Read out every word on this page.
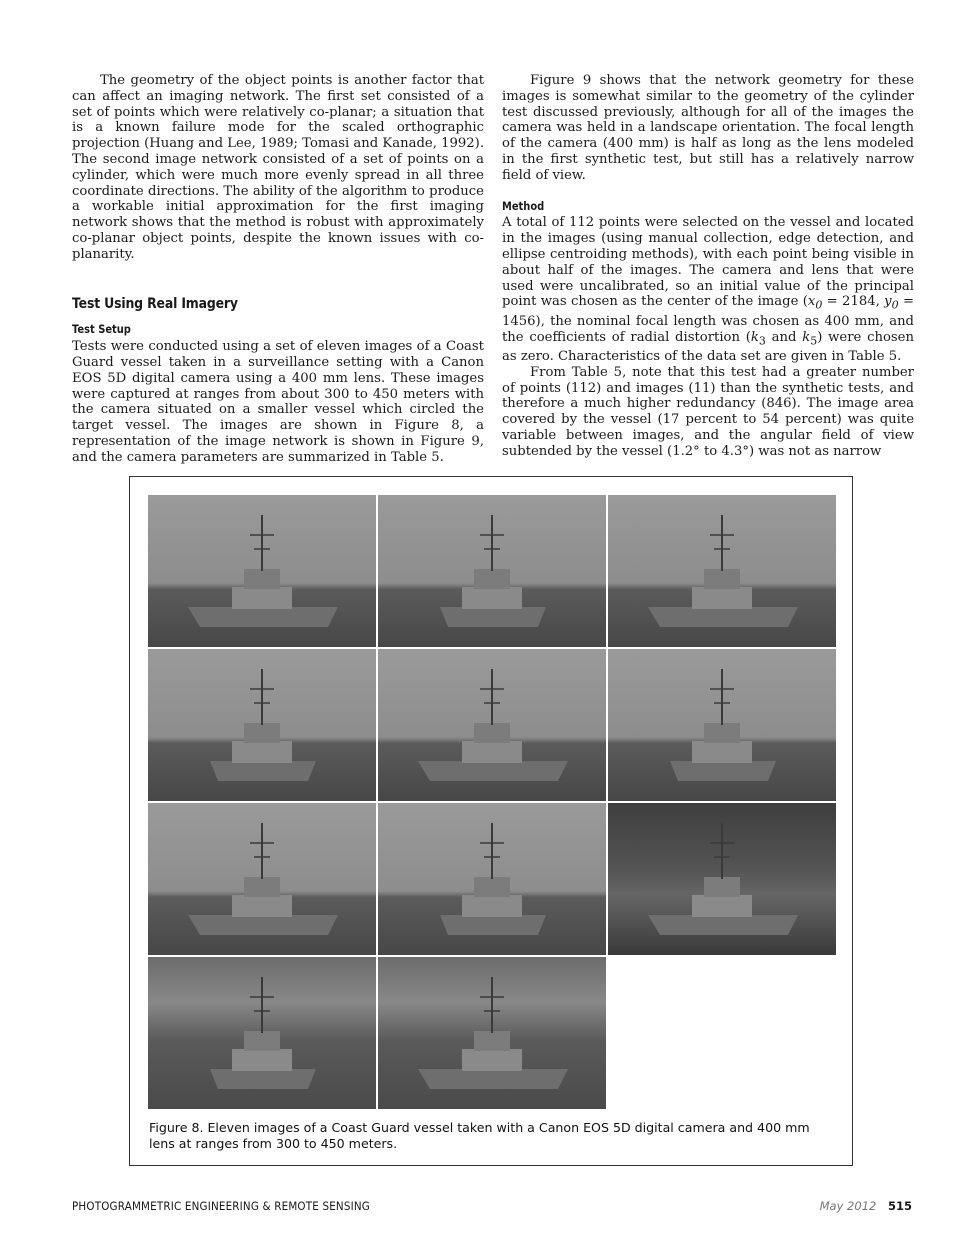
The geometry of the object points is another factor that can affect an imaging network. The first set consisted of a set of points which were relatively co-planar; a situation that is a known failure mode for the scaled orthographic projection (Huang and Lee, 1989; Tomasi and Kanade, 1992). The second image network consisted of a set of points on a cylinder, which were much more evenly spread in all three coordinate directions. The ability of the algorithm to produce a workable initial approximation for the first imaging network shows that the method is robust with approximately co-planar object points, despite the known issues with co-planarity.

Test Using Real Imagery
Test Setup

Tests were conducted using a set of eleven images of a Coast Guard vessel taken in a surveillance setting with a Canon EOS 5D digital camera using a 400 mm lens. These images were captured at ranges from about 300 to 450 meters with the camera situated on a smaller vessel which circled the target vessel. The images are shown in Figure 8, a representation of the image network is shown in Figure 9, and the camera parameters are summarized in Table 5.

Figure 9 shows that the network geometry for these images is somewhat similar to the geometry of the cylinder test discussed previously, although for all of the images the camera was held in a landscape orientation. The focal length of the camera (400 mm) is half as long as the lens modeled in the first synthetic test, but still has a relatively narrow field of view.

Method

A total of 112 points were selected on the vessel and located in the images (using manual collection, edge detection, and ellipse centroiding methods), with each point being visible in about half of the images. The camera and lens that were used were uncalibrated, so an initial value of the principal point was chosen as the center of the image ($x_0 = 2184$, $y_0 = 1456$), the nominal focal length was chosen as 400 mm, and the coefficients of radial distortion ($k_3$ and $k_5$) were chosen as zero. Characteristics of the data set are given in Table 5.

From Table 5, note that this test had a greater number of points (112) and images (11) than the synthetic tests, and therefore a much higher redundancy (846). The image area covered by the vessel (17 percent to 54 percent) was quite variable between images, and the angular field of view subtended by the vessel (1.2° to 4.3°) was not as narrow

Figure 8. Eleven images of a Coast Guard vessel taken with a Canon EOS 5D digital camera and 400 mm lens at ranges from 300 to 450 meters.
PHOTOGRAMMETRIC ENGINEERING & REMOTE SENSING	May 2012 515
